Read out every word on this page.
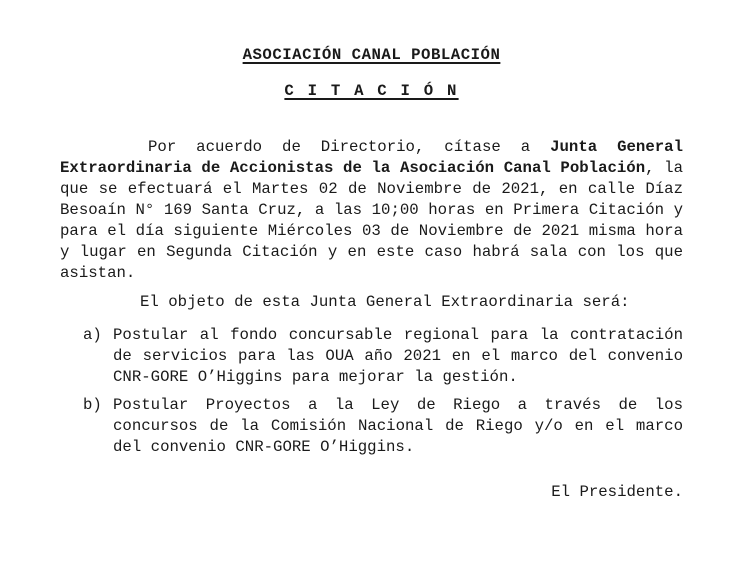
ASOCIACIÓN CANAL POBLACIÓN
C I T A C I Ó N

Por acuerdo de Directorio, cítase a Junta General Extraordinaria de Accionistas de la Asociación Canal Población, la que se efectuará el Martes 02 de Noviembre de 2021, en calle Díaz Besoaín N° 169 Santa Cruz, a las 10;00 horas en Primera Citación y para el día siguiente Miércoles 03 de Noviembre de 2021 misma hora y lugar en Segunda Citación y en este caso habrá sala con los que asistan.

El objeto de esta Junta General Extraordinaria será:

a) Postular al fondo concursable regional para la contratación de servicios para las OUA año 2021 en el marco del convenio CNR-GORE O’Higgins para mejorar la gestión.
b) Postular Proyectos a la Ley de Riego a través de los concursos de la Comisión Nacional de Riego y/o en el marco del convenio CNR-GORE O’Higgins.
El Presidente.
